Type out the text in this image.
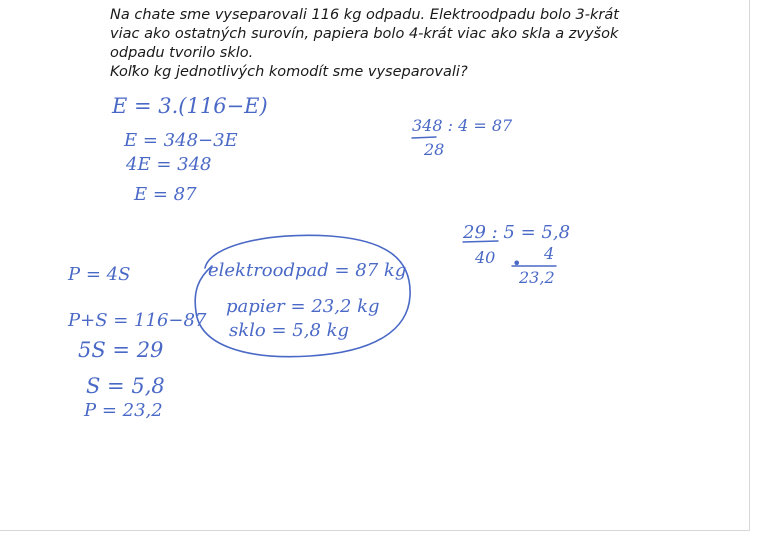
Na chate sme vyseparovali 116 kg odpadu. Elektroodpadu bolo 3-krát
viac ako ostatných surovín, papiera bolo 4-krát viac ako skla a zvyšok
odpadu tvorilo sklo.
Koľko kg jednotlivých komodít sme vyseparovali?
E = 3.(116−E)
E = 348−3E
4E = 348
E = 87
348 : 4 = 87
28
29 : 5 = 5,8
40	4
•
23,2
P = 4S
P+S = 116−87
5S = 29
S = 5,8
P = 23,2
elektroodpad = 87 kg
papier = 23,2 kg
sklo = 5,8 kg
